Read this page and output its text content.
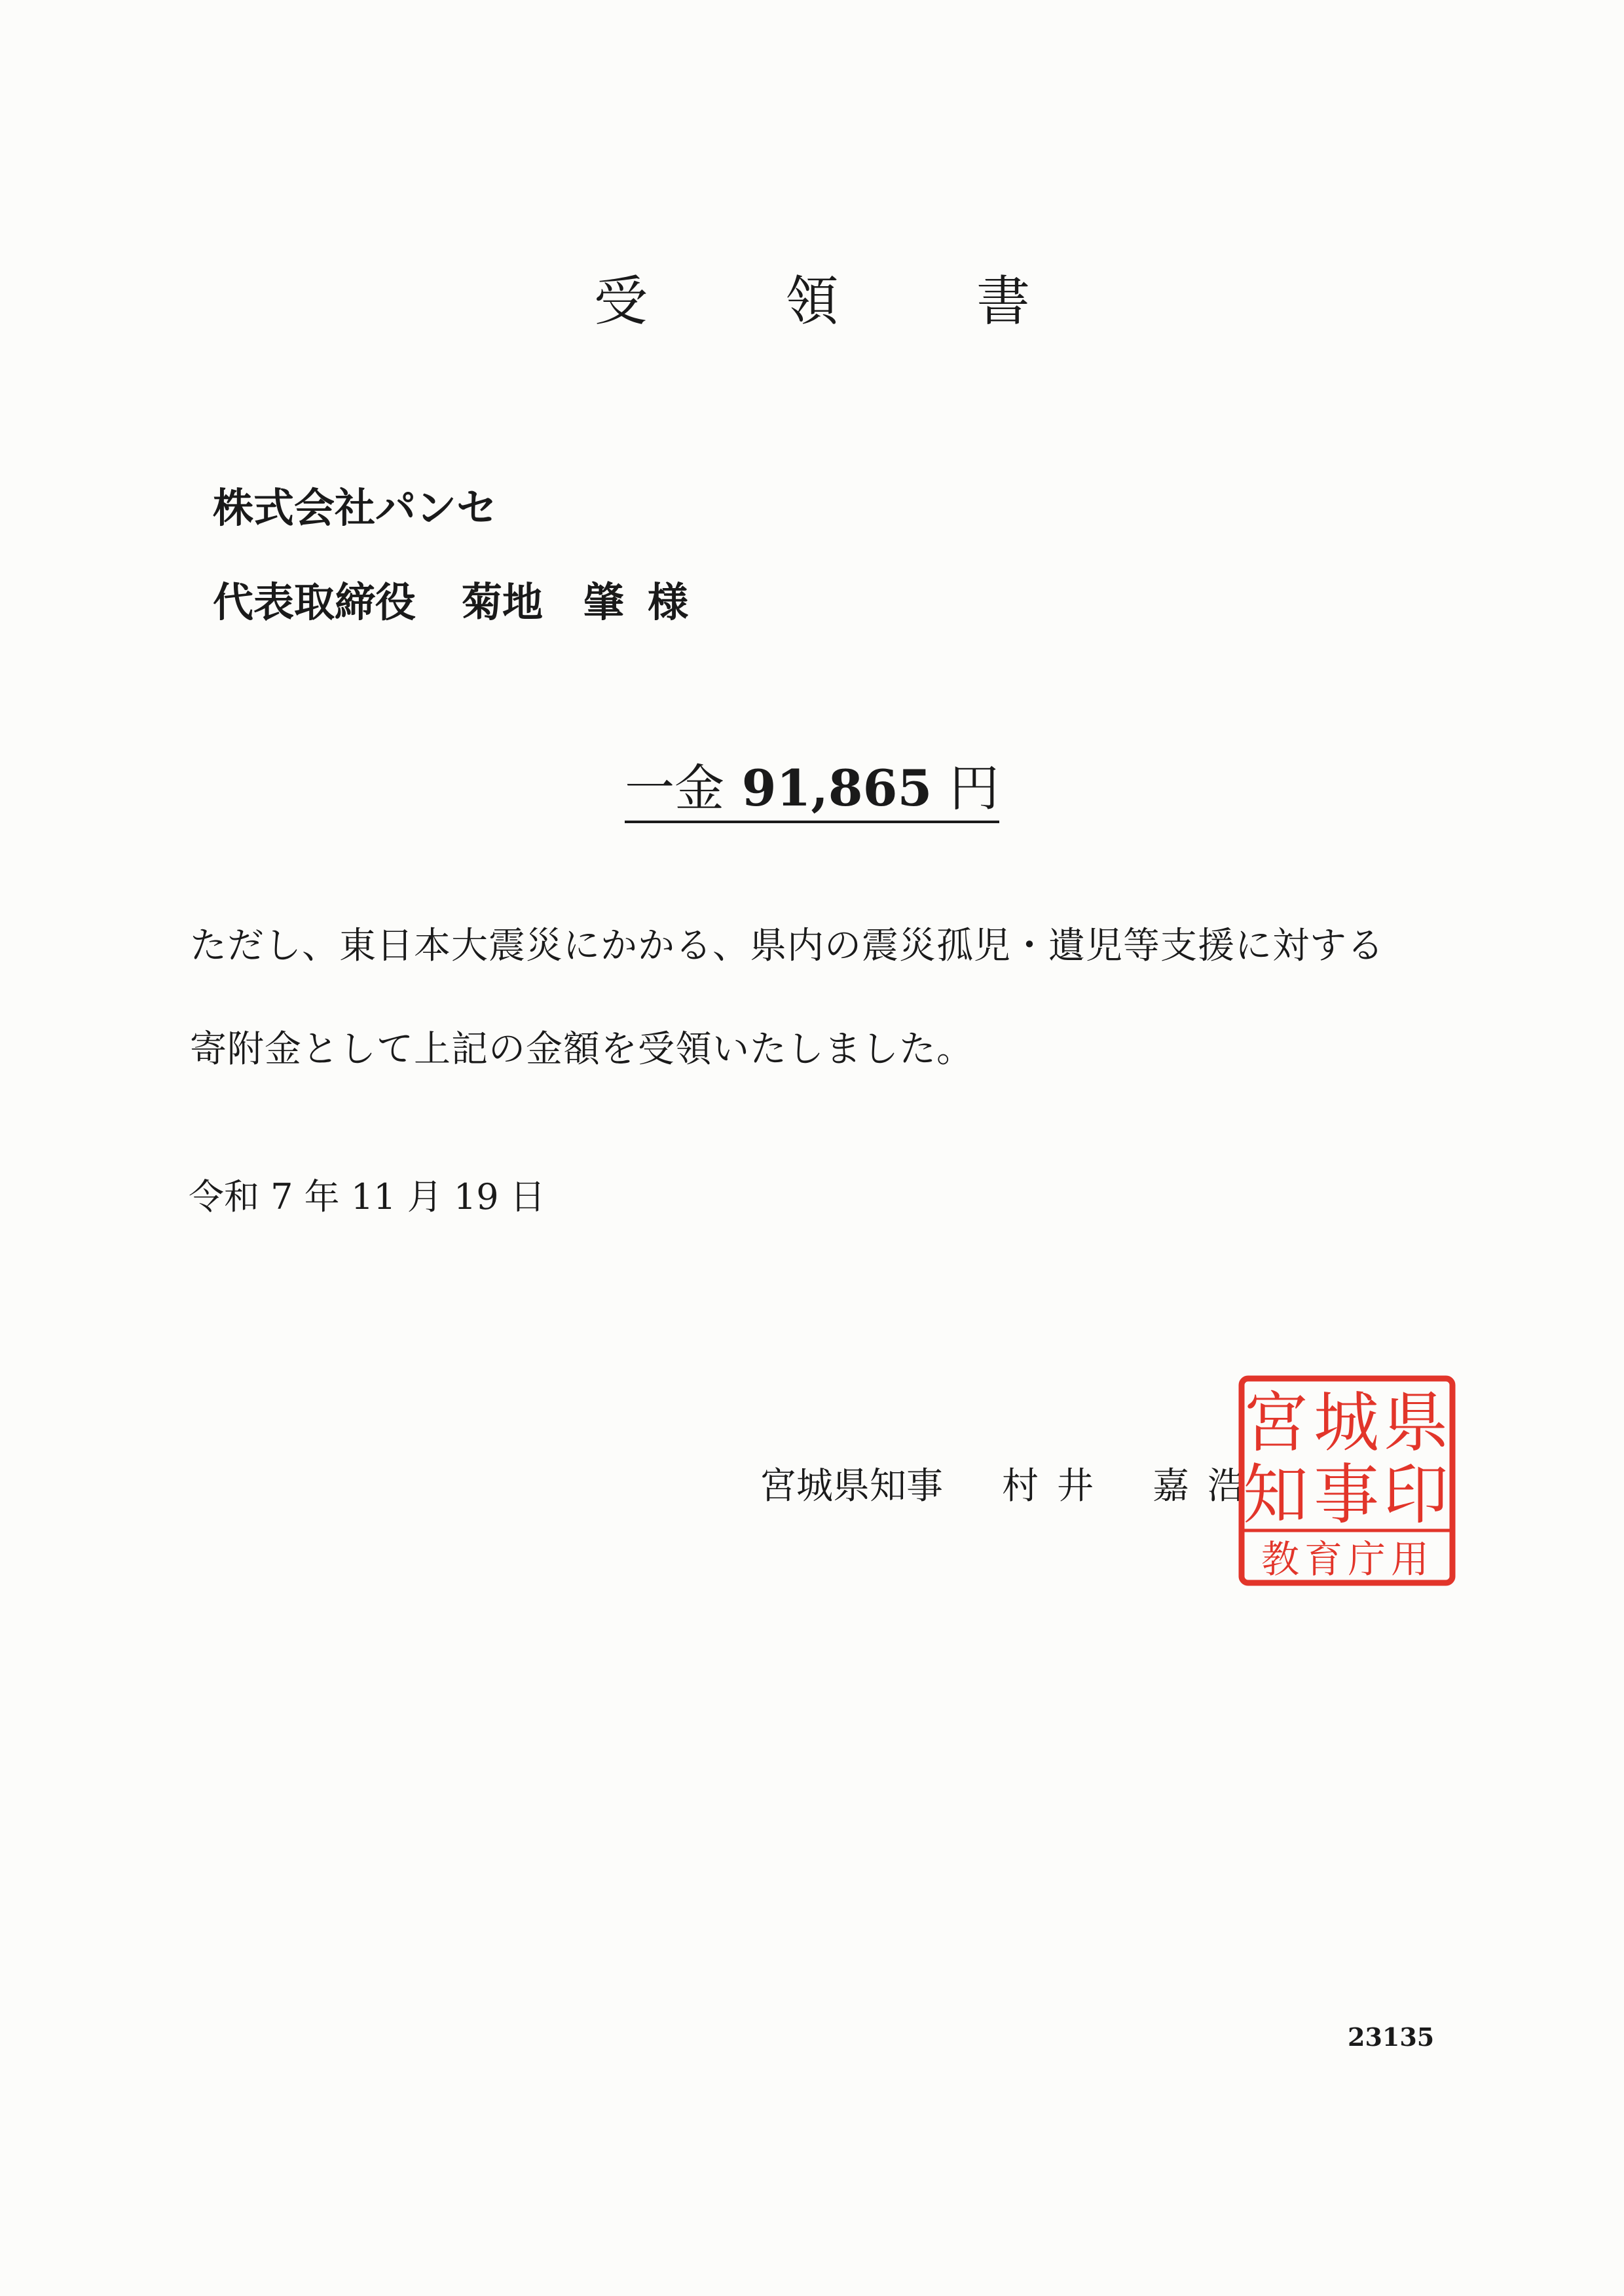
受	領	書
株式会社パンセ
代表取締役 菊地 肇 様
一金 91,865 円
ただし、東日本大震災にかかる、県内の震災孤児・遺児等支援に対する
寄附金として上記の金額を受領いたしました。
令和 7 年 11 月 19 日
宮城県知事 村 井 嘉 浩
宮 城 県
知 事 印
教育庁用
23135
